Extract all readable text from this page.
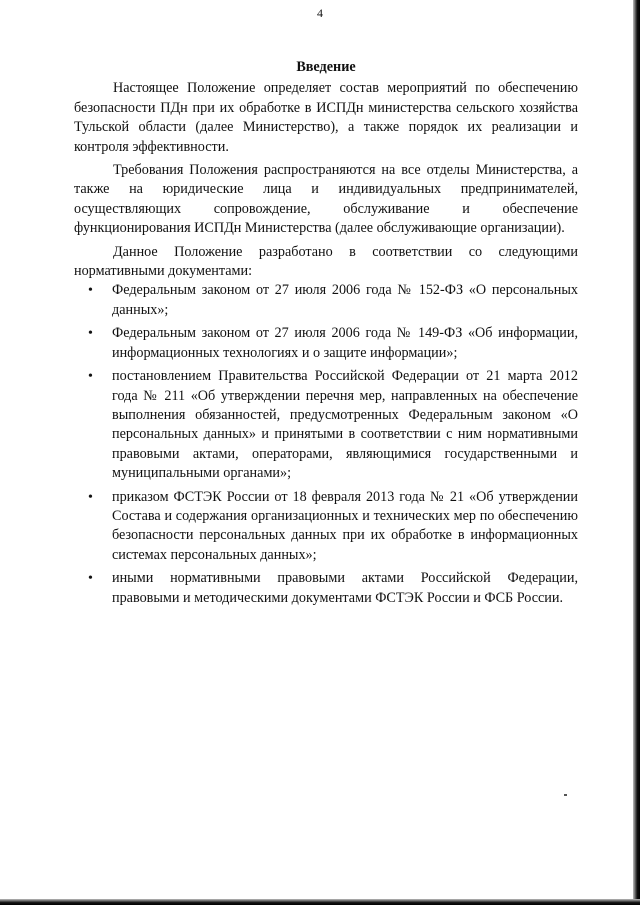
4
Введение

Настоящее Положение определяет состав мероприятий по обеспечению безопасности ПДн при их обработке в ИСПДн министерства сельского хозяйства Тульской области (далее Министерство), а также порядок их реализации и контроля эффективности.

Требования Положения распространяются на все отделы Министерства, а также на юридические лица и индивидуальных предпринимателей, осуществляющих сопровождение, обслуживание и обеспечение функционирования ИСПДн Министерства (далее обслуживающие организации).

Данное Положение разработано в соответствии со следующими нормативными документами:

• Федеральным законом от 27 июля 2006 года № 152-ФЗ «О персональных данных»;
• Федеральным законом от 27 июля 2006 года № 149-ФЗ «Об информации, информационных технологиях и о защите информации»;
• постановлением Правительства Российской Федерации от 21 марта 2012 года № 211 «Об утверждении перечня мер, направленных на обеспечение выполнения обязанностей, предусмотренных Федеральным законом «О персональных данных» и принятыми в соответствии с ним нормативными правовыми актами, операторами, являющимися государственными и муниципальными органами»;
• приказом ФСТЭК России от 18 февраля 2013 года № 21 «Об утверждении Состава и содержания организационных и технических мер по обеспечению безопасности персональных данных при их обработке в информационных системах персональных данных»;
• иными нормативными правовыми актами Российской Федерации, правовыми и методическими документами ФСТЭК России и ФСБ России.
